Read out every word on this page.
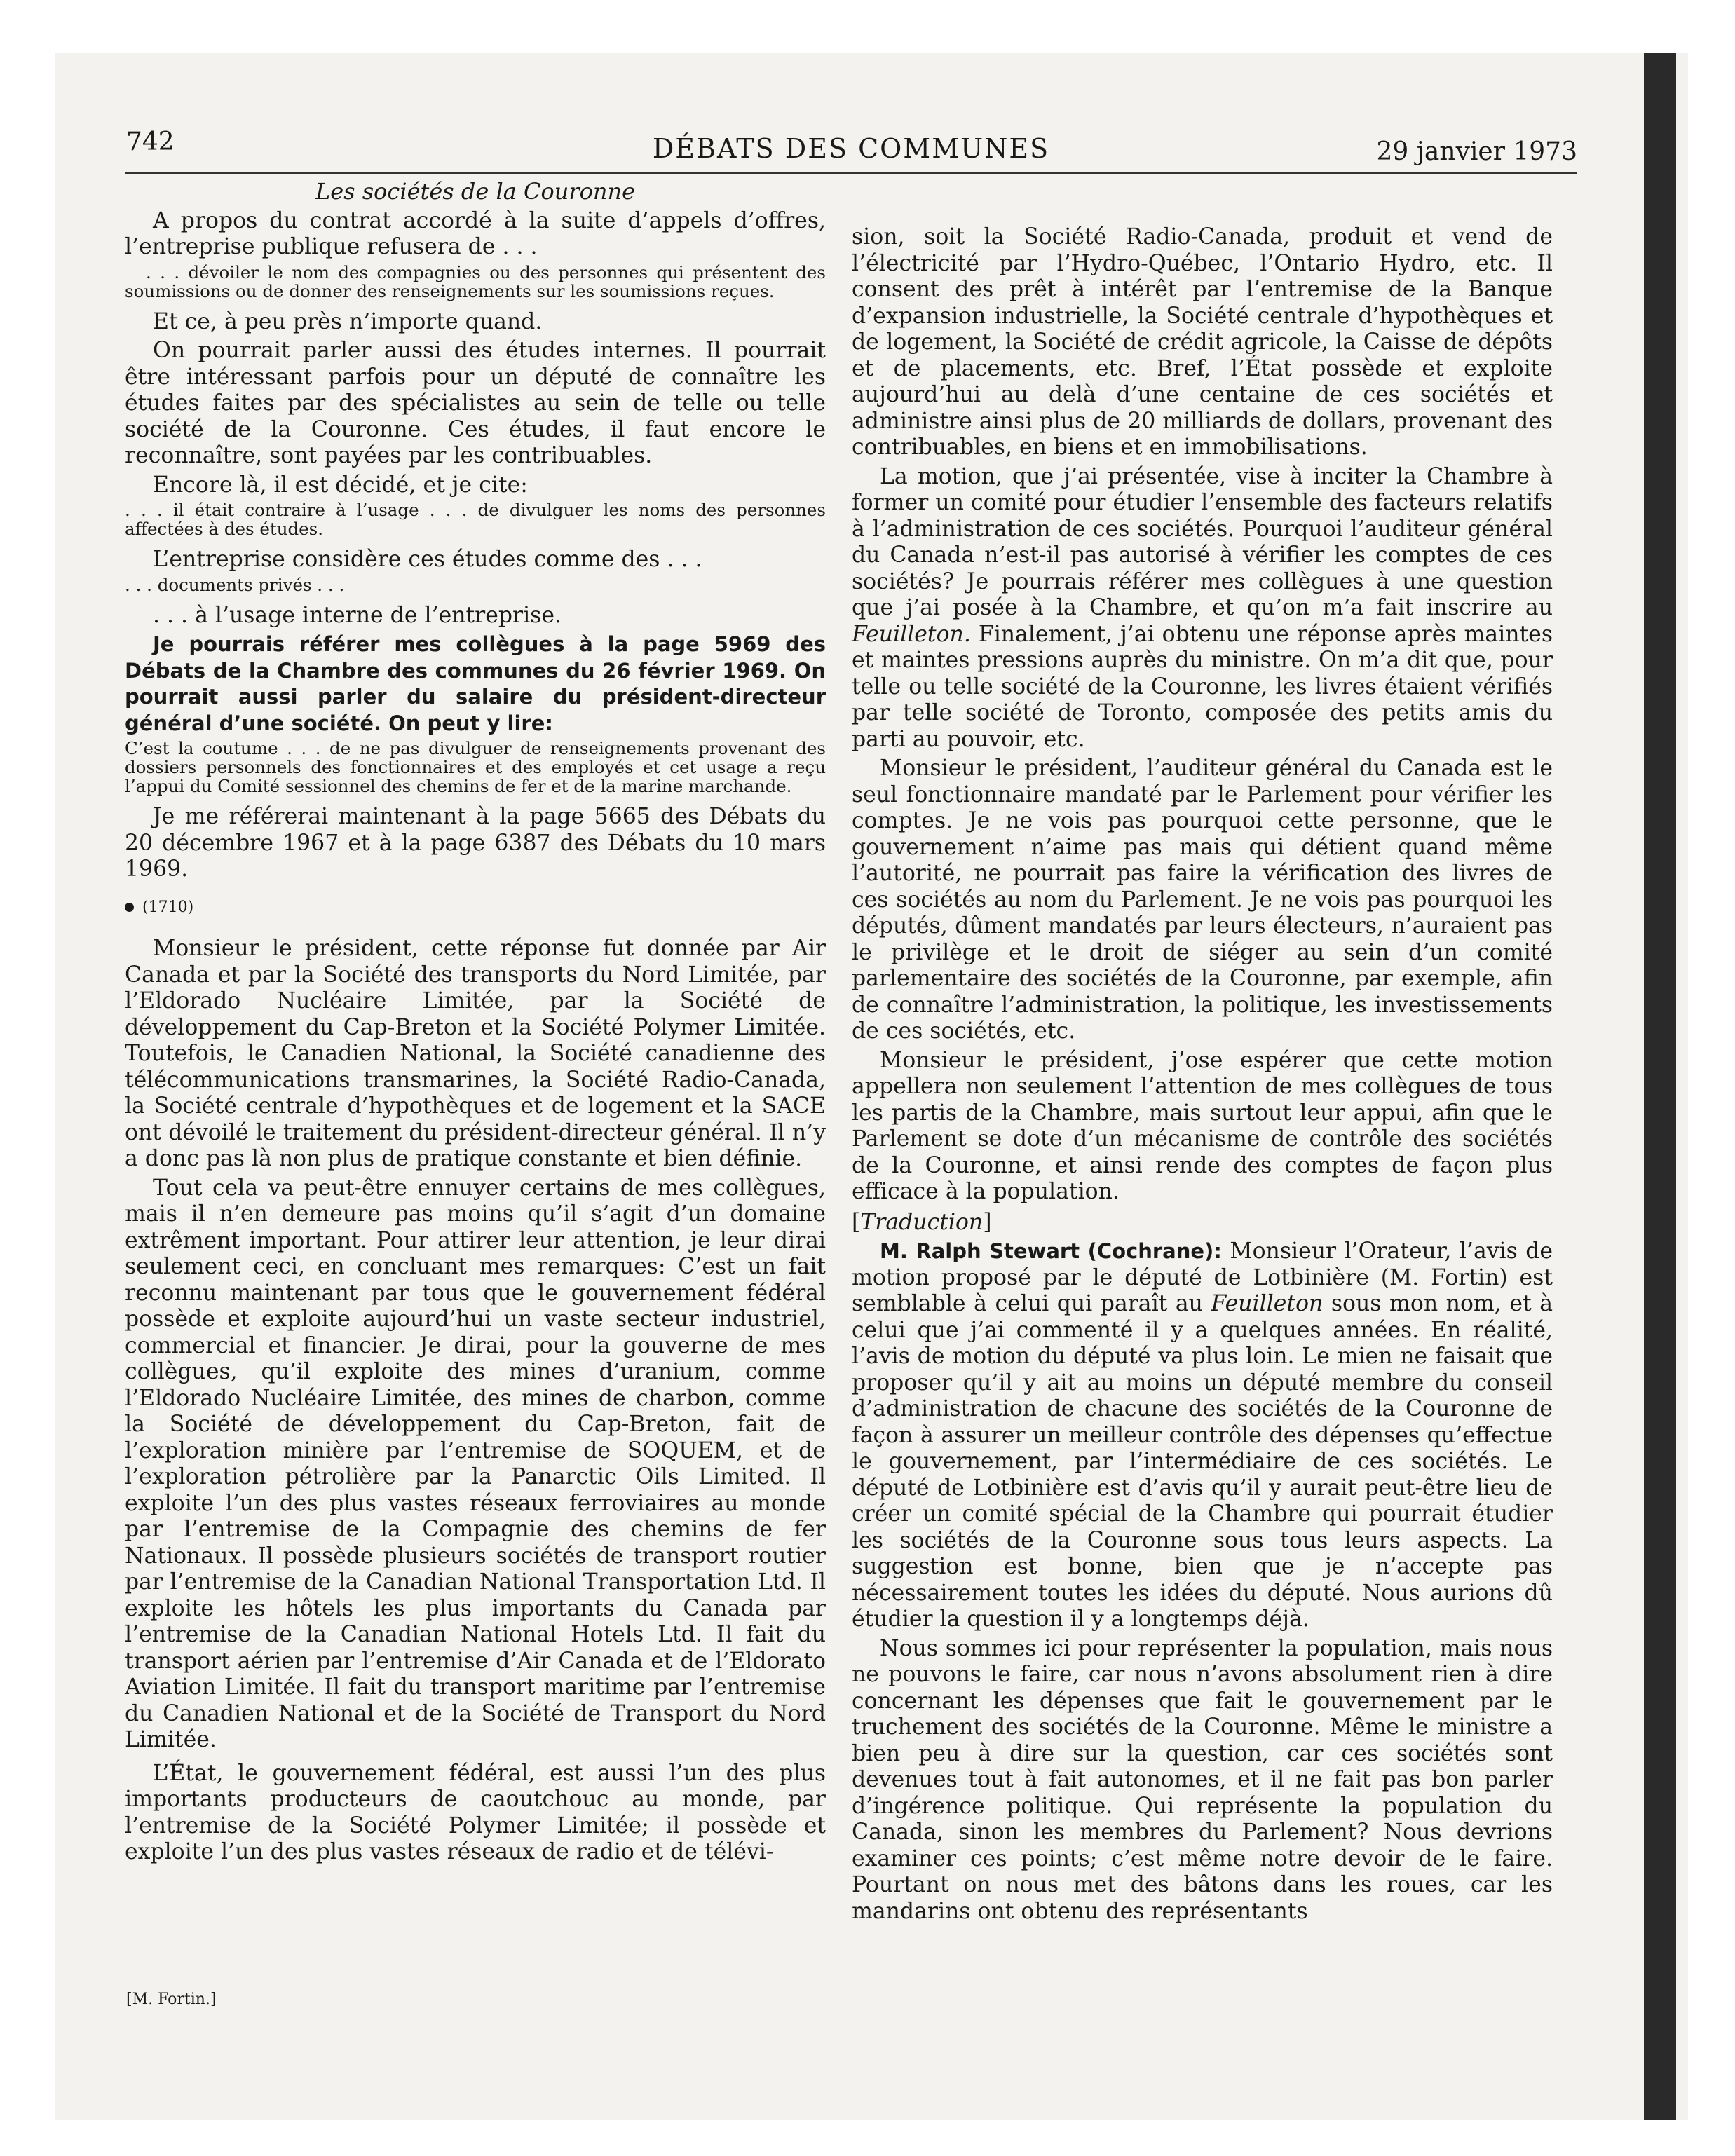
742	DÉBATS DES COMMUNES	29 janvier 1973

Les sociétés de la Couronne

A propos du contrat accordé à la suite d’appels d’offres, l’entreprise publique refusera de . . .

. . . dévoiler le nom des compagnies ou des personnes qui présentent des soumissions ou de donner des renseignements sur les soumissions reçues.

Et ce, à peu près n’importe quand.

On pourrait parler aussi des études internes. Il pourrait être intéressant parfois pour un député de connaître les études faites par des spécialistes au sein de telle ou telle société de la Couronne. Ces études, il faut encore le reconnaître, sont payées par les contribuables.

Encore là, il est décidé, et je cite:

. . . il était contraire à l’usage . . . de divulguer les noms des personnes affectées à des études.

L’entreprise considère ces études comme des . . .

. . . documents privés . . .

. . . à l’usage interne de l’entreprise.

Je pourrais référer mes collègues à la page 5969 des Débats de la Chambre des communes du 26 février 1969. On pourrait aussi parler du salaire du président-directeur général d’une société. On peut y lire:

C’est la coutume . . . de ne pas divulguer de renseignements provenant des dossiers personnels des fonctionnaires et des employés et cet usage a reçu l’appui du Comité sessionnel des chemins de fer et de la marine marchande.

Je me référerai maintenant à la page 5665 des Débats du 20 décembre 1967 et à la page 6387 des Débats du 10 mars 1969.

(1710)

Monsieur le président, cette réponse fut donnée par Air Canada et par la Société des transports du Nord Limitée, par l’Eldorado Nucléaire Limitée, par la Société de développement du Cap-Breton et la Société Polymer Limitée. Toutefois, le Canadien National, la Société canadienne des télécommunications transmarines, la Société Radio-Canada, la Société centrale d’hypothèques et de logement et la SACE ont dévoilé le traitement du président-directeur général. Il n’y a donc pas là non plus de pratique constante et bien définie.

Tout cela va peut-être ennuyer certains de mes collègues, mais il n’en demeure pas moins qu’il s’agit d’un domaine extrêment important. Pour attirer leur attention, je leur dirai seulement ceci, en concluant mes remarques: C’est un fait reconnu maintenant par tous que le gouvernement fédéral possède et exploite aujourd’hui un vaste secteur industriel, commercial et financier. Je dirai, pour la gouverne de mes collègues, qu’il exploite des mines d’uranium, comme l’Eldorado Nucléaire Limitée, des mines de charbon, comme la Société de développement du Cap-Breton, fait de l’exploration minière par l’entremise de SOQUEM, et de l’exploration pétrolière par la Panarctic Oils Limited. Il exploite l’un des plus vastes réseaux ferroviaires au monde par l’entremise de la Compagnie des chemins de fer Nationaux. Il possède plusieurs sociétés de transport routier par l’entremise de la Canadian National Transportation Ltd. Il exploite les hôtels les plus importants du Canada par l’entremise de la Canadian National Hotels Ltd. Il fait du transport aérien par l’entremise d’Air Canada et de l’Eldorato Aviation Limitée. Il fait du transport maritime par l’entremise du Canadien National et de la Société de Transport du Nord Limitée.

L’État, le gouvernement fédéral, est aussi l’un des plus importants producteurs de caoutchouc au monde, par l’entremise de la Société Polymer Limitée; il possède et exploite l’un des plus vastes réseaux de radio et de télévi-

[M. Fortin.]

sion, soit la Société Radio-Canada, produit et vend de l’électricité par l’Hydro-Québec, l’Ontario Hydro, etc. Il consent des prêt à intérêt par l’entremise de la Banque d’expansion industrielle, la Société centrale d’hypothèques et de logement, la Société de crédit agricole, la Caisse de dépôts et de placements, etc. Bref, l’État possède et exploite aujourd’hui au delà d’une centaine de ces sociétés et administre ainsi plus de 20 milliards de dollars, provenant des contribuables, en biens et en immobilisations.

La motion, que j’ai présentée, vise à inciter la Chambre à former un comité pour étudier l’ensemble des facteurs relatifs à l’administration de ces sociétés. Pourquoi l’auditeur général du Canada n’est-il pas autorisé à vérifier les comptes de ces sociétés? Je pourrais référer mes collègues à une question que j’ai posée à la Chambre, et qu’on m’a fait inscrire au Feuilleton. Finalement, j’ai obtenu une réponse après maintes et maintes pressions auprès du ministre. On m’a dit que, pour telle ou telle société de la Couronne, les livres étaient vérifiés par telle société de Toronto, composée des petits amis du parti au pouvoir, etc.

Monsieur le président, l’auditeur général du Canada est le seul fonctionnaire mandaté par le Parlement pour vérifier les comptes. Je ne vois pas pourquoi cette personne, que le gouvernement n’aime pas mais qui détient quand même l’autorité, ne pourrait pas faire la vérification des livres de ces sociétés au nom du Parlement. Je ne vois pas pourquoi les députés, dûment mandatés par leurs électeurs, n’auraient pas le privilège et le droit de siéger au sein d’un comité parlementaire des sociétés de la Couronne, par exemple, afin de connaître l’administration, la politique, les investissements de ces sociétés, etc.

Monsieur le président, j’ose espérer que cette motion appellera non seulement l’attention de mes collègues de tous les partis de la Chambre, mais surtout leur appui, afin que le Parlement se dote d’un mécanisme de contrôle des sociétés de la Couronne, et ainsi rende des comptes de façon plus efficace à la population.

[Traduction]

M. Ralph Stewart (Cochrane): Monsieur l’Orateur, l’avis de motion proposé par le député de Lotbinière (M. Fortin) est semblable à celui qui paraît au Feuilleton sous mon nom, et à celui que j’ai commenté il y a quelques années. En réalité, l’avis de motion du député va plus loin. Le mien ne faisait que proposer qu’il y ait au moins un député membre du conseil d’administration de chacune des sociétés de la Couronne de façon à assurer un meilleur contrôle des dépenses qu’effectue le gouvernement, par l’intermédiaire de ces sociétés. Le député de Lotbinière est d’avis qu’il y aurait peut-être lieu de créer un comité spécial de la Chambre qui pourrait étudier les sociétés de la Couronne sous tous leurs aspects. La suggestion est bonne, bien que je n’accepte pas nécessairement toutes les idées du député. Nous aurions dû étudier la question il y a longtemps déjà.

Nous sommes ici pour représenter la population, mais nous ne pouvons le faire, car nous n’avons absolument rien à dire concernant les dépenses que fait le gouvernement par le truchement des sociétés de la Couronne. Même le ministre a bien peu à dire sur la question, car ces sociétés sont devenues tout à fait autonomes, et il ne fait pas bon parler d’ingérence politique. Qui représente la population du Canada, sinon les membres du Parlement? Nous devrions examiner ces points; c’est même notre devoir de le faire. Pourtant on nous met des bâtons dans les roues, car les mandarins ont obtenu des représentants
